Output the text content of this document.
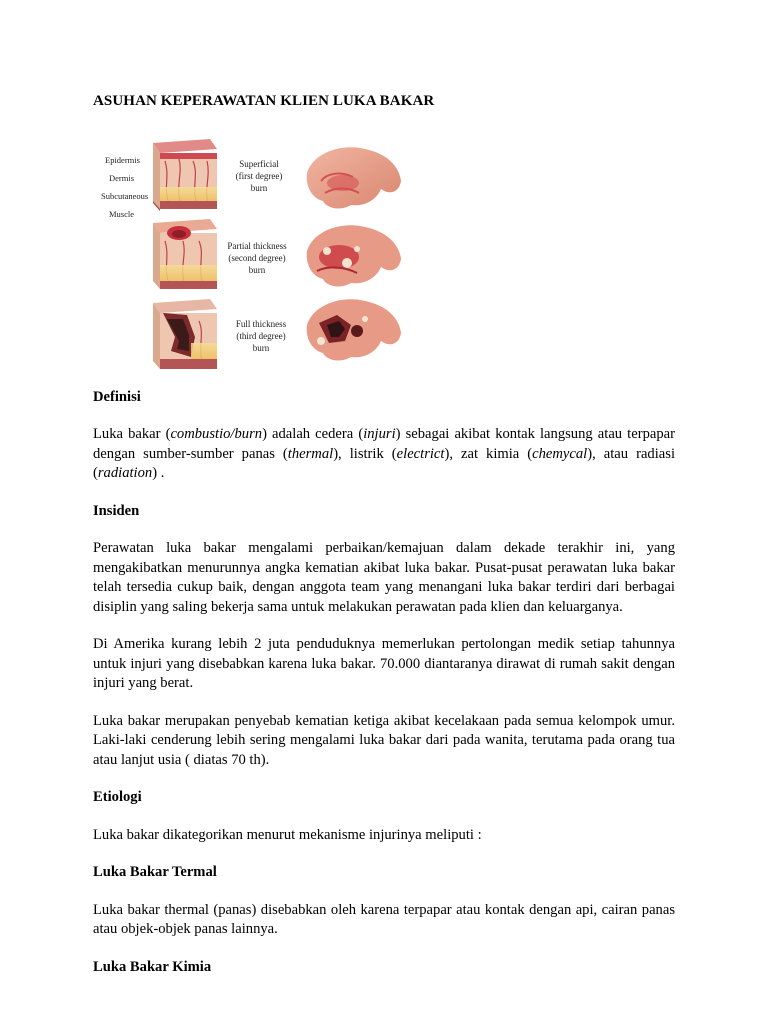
ASUHAN KEPERAWATAN KLIEN LUKA BAKAR
Epidermis
Dermis
Subcutaneous
Muscle
Superficial
(first degree)
burn
Partial thickness
(second degree)
burn
Full thickness
(third degree)
burn
Definisi

Luka bakar (combustio/burn) adalah cedera (injuri) sebagai akibat kontak langsung atau terpapar dengan sumber-sumber panas (thermal), listrik (electrict), zat kimia (chemycal), atau radiasi (radiation) .

Insiden

Perawatan luka bakar mengalami perbaikan/kemajuan dalam dekade terakhir ini, yang mengakibatkan menurunnya angka kematian akibat luka bakar. Pusat-pusat perawatan luka bakar telah tersedia cukup baik, dengan anggota team yang menangani luka bakar terdiri dari berbagai disiplin yang saling bekerja sama untuk melakukan perawatan pada klien dan keluarganya.

Di Amerika kurang lebih 2 juta penduduknya memerlukan pertolongan medik setiap tahunnya untuk injuri yang disebabkan karena luka bakar. 70.000 diantaranya dirawat di rumah sakit dengan injuri yang berat.

Luka bakar merupakan penyebab kematian ketiga akibat kecelakaan pada semua kelompok umur. Laki-laki cenderung lebih sering mengalami luka bakar dari pada wanita, terutama pada orang tua atau lanjut usia ( diatas 70 th).

Etiologi

Luka bakar dikategorikan menurut mekanisme injurinya meliputi :

Luka Bakar Termal

Luka bakar thermal (panas) disebabkan oleh karena terpapar atau kontak dengan api, cairan panas atau objek-objek panas lainnya.

Luka Bakar Kimia
